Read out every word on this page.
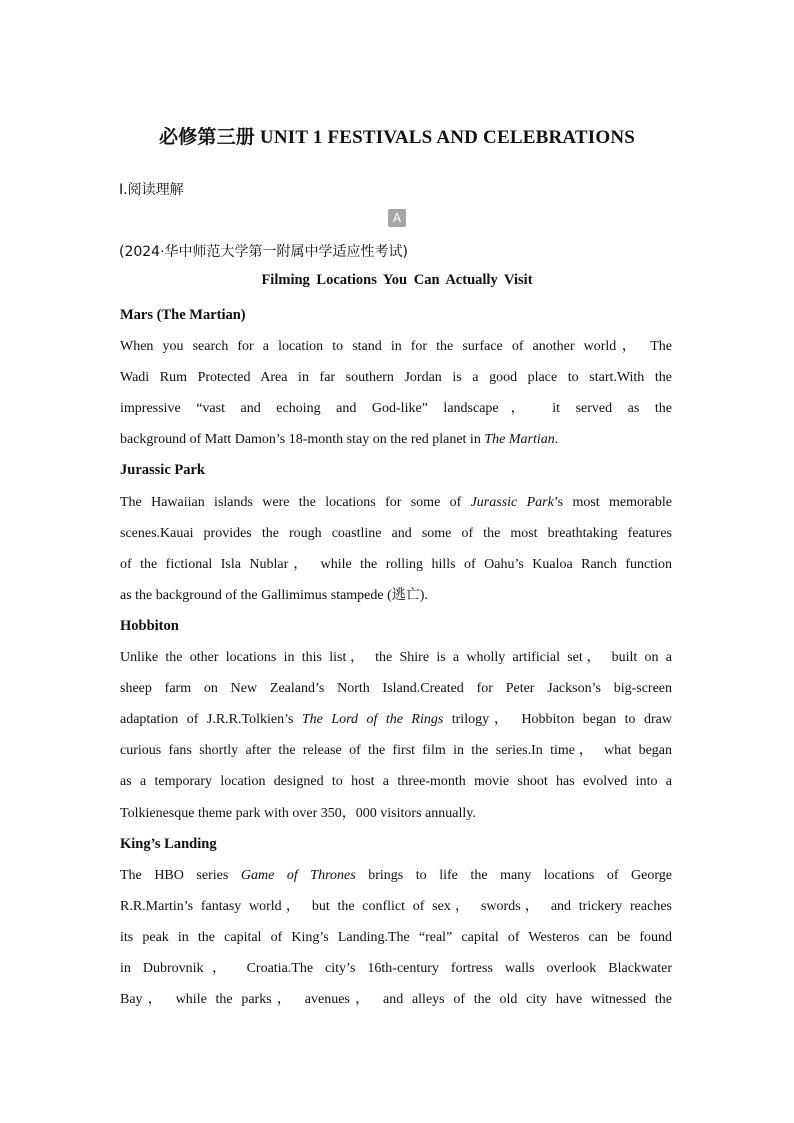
必修第三册 UNIT 1 FESTIVALS AND CELEBRATIONS
Ⅰ.阅读理解
A
(2024·华中师范大学第一附属中学适应性考试)
Filming Locations You Can Actually Visit
Mars (The Martian)

When you search for a location to stand in for the surface of another world， The

Wadi Rum Protected Area in far southern Jordan is a good place to start.With the

impressive “vast and echoing and God-like” landscape， it served as the

background of Matt Damon’s 18-month stay on the red planet in The Martian.

Jurassic Park

The Hawaiian islands were the locations for some of Jurassic Park’s most memorable

scenes.Kauai provides the rough coastline and some of the most breathtaking features

of the fictional Isla Nublar， while the rolling hills of Oahu’s Kualoa Ranch function

as the background of the Gallimimus stampede (逃亡).

Hobbiton

Unlike the other locations in this list， the Shire is a wholly artificial set， built on a

sheep farm on New Zealand’s North Island.Created for Peter Jackson’s big-screen

adaptation of J.R.R.Tolkien’s The Lord of the Rings trilogy， Hobbiton began to draw

curious fans shortly after the release of the first film in the series.In time， what began

as a temporary location designed to host a three-month movie shoot has evolved into a

Tolkienesque theme park with over 350，000 visitors annually.

King’s Landing

The HBO series Game of Thrones brings to life the many locations of George

R.R.Martin’s fantasy world， but the conflict of sex， swords， and trickery reaches

its peak in the capital of King’s Landing.The “real” capital of Westeros can be found

in Dubrovnik， Croatia.The city’s 16th-century fortress walls overlook Blackwater

Bay， while the parks， avenues， and alleys of the old city have witnessed the
